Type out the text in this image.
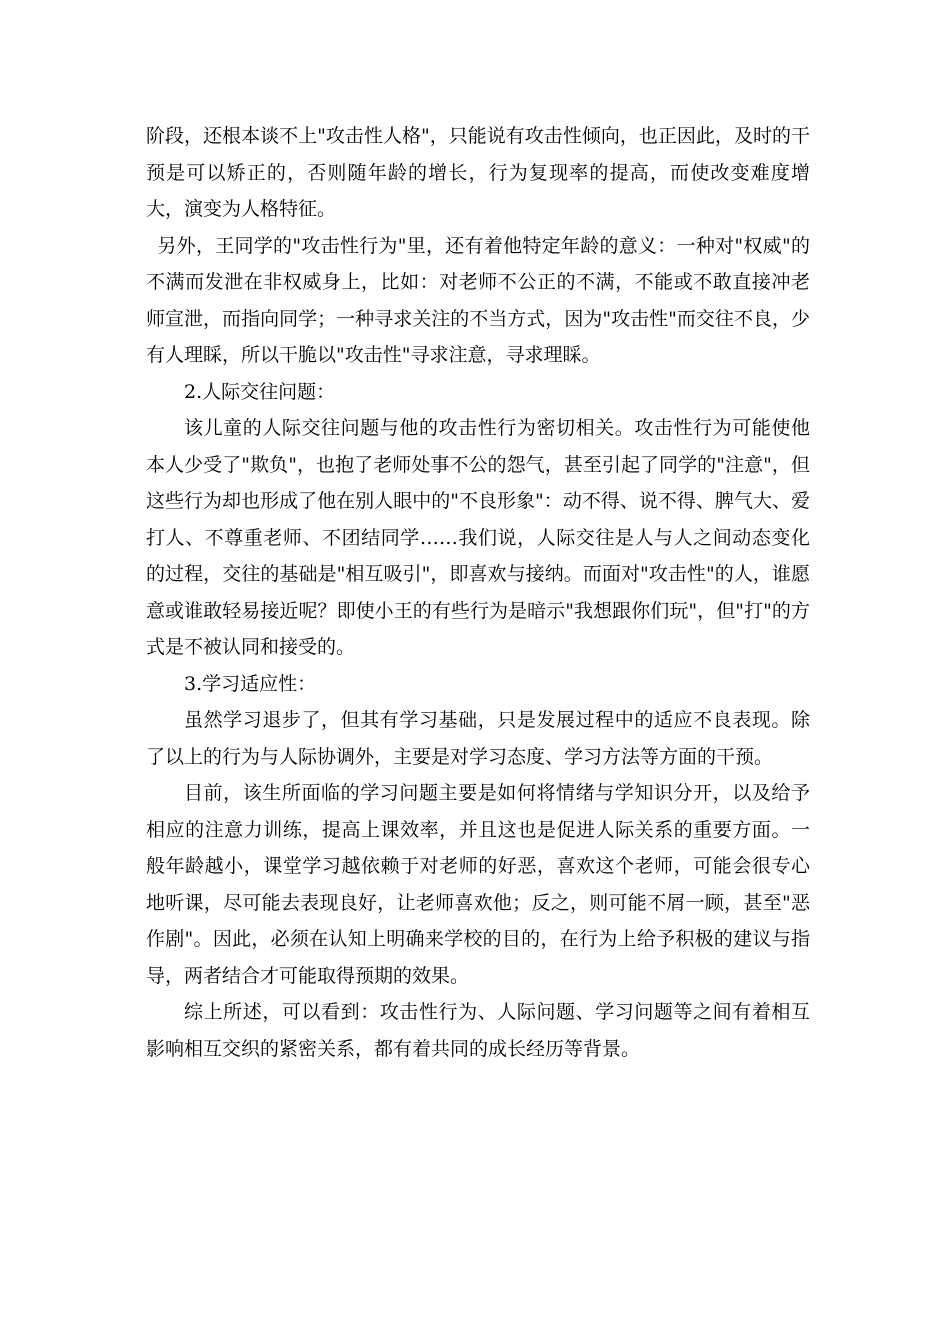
阶段，还根本谈不上"攻击性人格"，只能说有攻击性倾向，也正因此，及时的干预是可以矫正的，否则随年龄的增长，行为复现率的提高，而使改变难度增大，演变为人格特征。

另外，王同学的"攻击性行为"里，还有着他特定年龄的意义：一种对"权威"的不满而发泄在非权威身上，比如：对老师不公正的不满，不能或不敢直接冲老师宣泄，而指向同学；一种寻求关注的不当方式，因为"攻击性"而交往不良，少有人理睬，所以干脆以"攻击性"寻求注意，寻求理睬。

2.人际交往问题：

该儿童的人际交往问题与他的攻击性行为密切相关。攻击性行为可能使他本人少受了"欺负"，也抱了老师处事不公的怨气，甚至引起了同学的"注意"，但这些行为却也形成了他在别人眼中的"不良形象"：动不得、说不得、脾气大、爱打人、不尊重老师、不团结同学……我们说，人际交往是人与人之间动态变化的过程，交往的基础是"相互吸引"，即喜欢与接纳。而面对"攻击性"的人，谁愿意或谁敢轻易接近呢？即使小王的有些行为是暗示"我想跟你们玩"，但"打"的方式是不被认同和接受的。

3.学习适应性：

虽然学习退步了，但其有学习基础，只是发展过程中的适应不良表现。除了以上的行为与人际协调外，主要是对学习态度、学习方法等方面的干预。

目前，该生所面临的学习问题主要是如何将情绪与学知识分开，以及给予相应的注意力训练，提高上课效率，并且这也是促进人际关系的重要方面。一般年龄越小，课堂学习越依赖于对老师的好恶，喜欢这个老师，可能会很专心地听课，尽可能去表现良好，让老师喜欢他；反之，则可能不屑一顾，甚至"恶作剧"。因此，必须在认知上明确来学校的目的，在行为上给予积极的建议与指导，两者结合才可能取得预期的效果。

综上所述，可以看到：攻击性行为、人际问题、学习问题等之间有着相互影响相互交织的紧密关系，都有着共同的成长经历等背景。
